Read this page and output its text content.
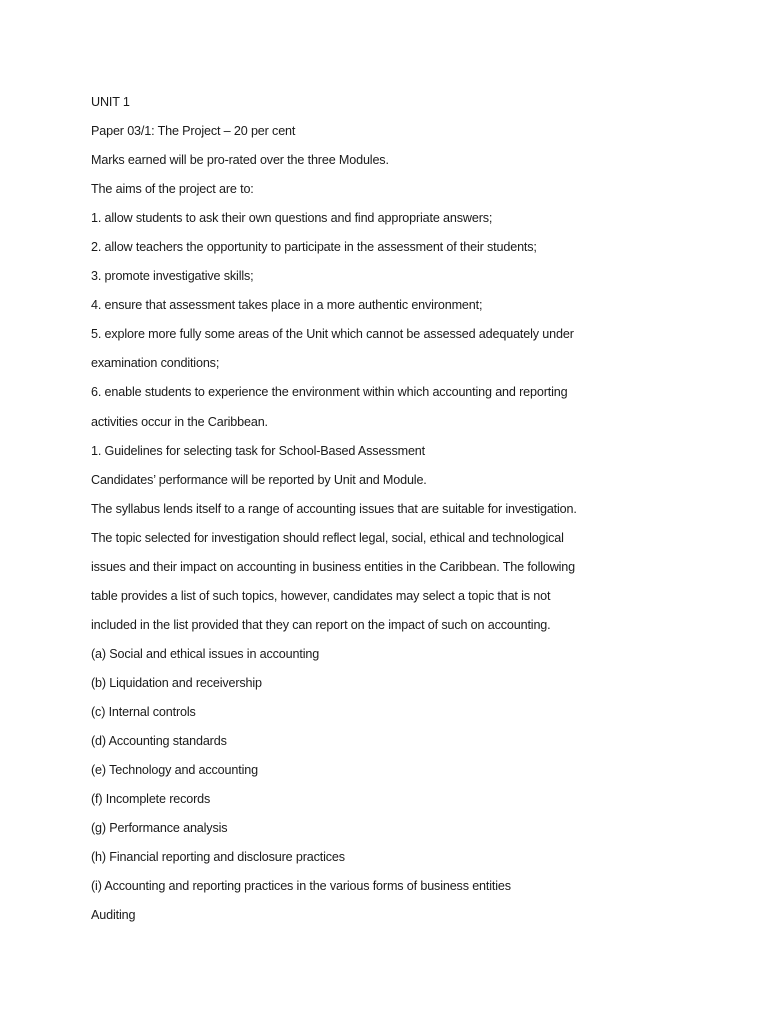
UNIT 1
Paper 03/1: The Project – 20 per cent
Marks earned will be pro-rated over the three Modules.
The aims of the project are to:
1. allow students to ask their own questions and find appropriate answers;
2. allow teachers the opportunity to participate in the assessment of their students;
3. promote investigative skills;
4. ensure that assessment takes place in a more authentic environment;
5. explore more fully some areas of the Unit which cannot be assessed adequately under
examination conditions;
6. enable students to experience the environment within which accounting and reporting
activities occur in the Caribbean.
1. Guidelines for selecting task for School-Based Assessment
Candidates’ performance will be reported by Unit and Module.
The syllabus lends itself to a range of accounting issues that are suitable for investigation.
The topic selected for investigation should reflect legal, social, ethical and technological
issues and their impact on accounting in business entities in the Caribbean. The following
table provides a list of such topics, however, candidates may select a topic that is not
included in the list provided that they can report on the impact of such on accounting.
(a) Social and ethical issues in accounting
(b) Liquidation and receivership
(c) Internal controls
(d) Accounting standards
(e) Technology and accounting
(f) Incomplete records
(g) Performance analysis
(h) Financial reporting and disclosure practices
(i) Accounting and reporting practices in the various forms of business entities
Auditing
